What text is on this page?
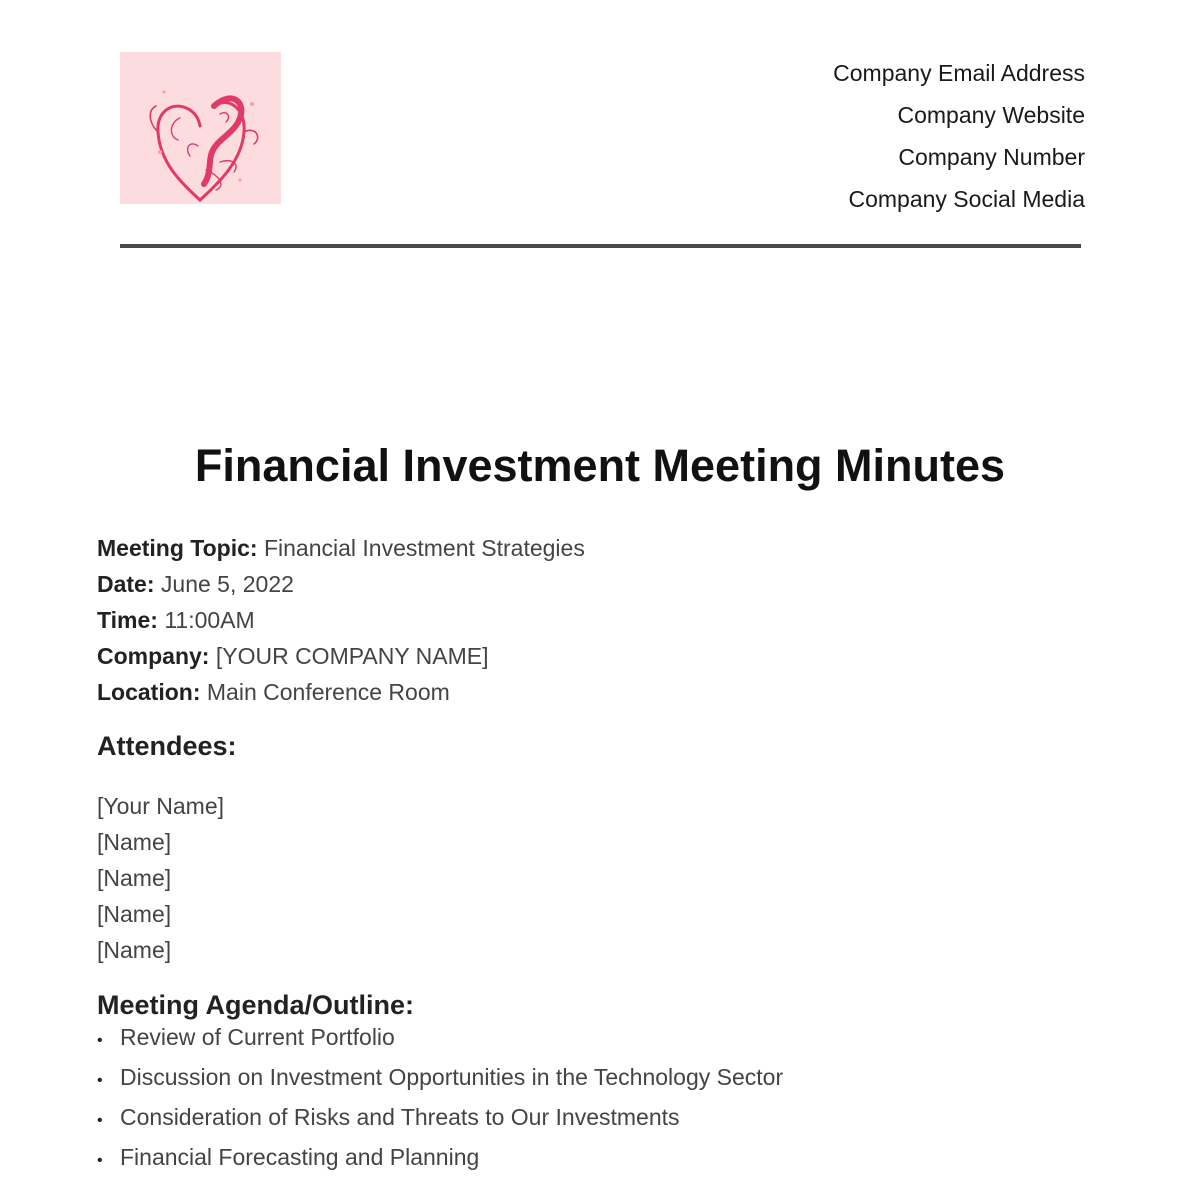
Company Email Address
Company Website
Company Number
Company Social Media
Financial Investment Meeting Minutes
Meeting Topic: Financial Investment Strategies
Date: June 5, 2022
Time: 11:00AM
Company: [YOUR COMPANY NAME]
Location: Main Conference Room
Attendees:
[Your Name]
[Name]
[Name]
[Name]
[Name]
Meeting Agenda/Outline:
• Review of Current Portfolio
• Discussion on Investment Opportunities in the Technology Sector
• Consideration of Risks and Threats to Our Investments
• Financial Forecasting and Planning
